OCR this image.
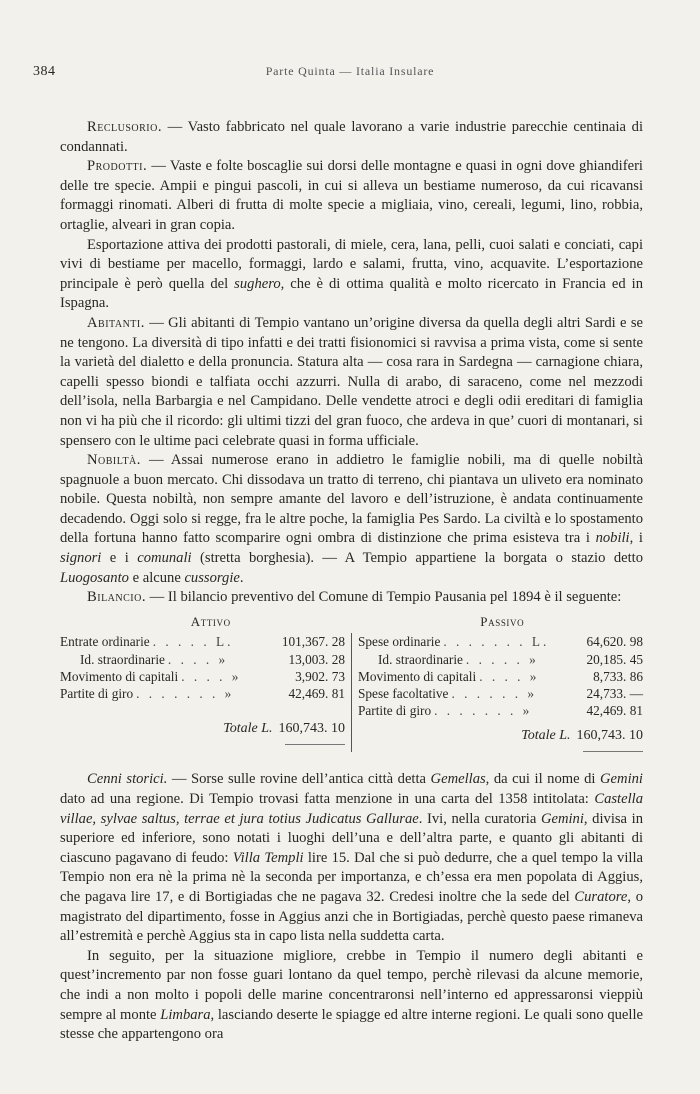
384	Parte Quinta — Italia Insulare

Reclusorio. — Vasto fabbricato nel quale lavorano a varie industrie parecchie centinaia di condannati.

Prodotti. — Vaste e folte boscaglie sui dorsi delle montagne e quasi in ogni dove ghiandiferi delle tre specie. Ampii e pingui pascoli, in cui si alleva un bestiame numeroso, da cui ricavansi formaggi rinomati. Alberi di frutta di molte specie a migliaia, vino, cereali, legumi, lino, robbia, ortaglie, alveari in gran copia.

Esportazione attiva dei prodotti pastorali, di miele, cera, lana, pelli, cuoi salati e conciati, capi vivi di bestiame per macello, formaggi, lardo e salami, frutta, vino, acquavite. L’esportazione principale è però quella del sughero, che è di ottima qualità e molto ricercato in Francia ed in Ispagna.

Abitanti. — Gli abitanti di Tempio vantano un’origine diversa da quella degli altri Sardi e se ne tengono. La diversità di tipo infatti e dei tratti fisionomici si ravvisa a prima vista, come si sente la varietà del dialetto e della pronuncia. Statura alta — cosa rara in Sardegna — carnagione chiara, capelli spesso biondi e talfiata occhi azzurri. Nulla di arabo, di saraceno, come nel mezzodi dell’isola, nella Barbargia e nel Campidano. Delle vendette atroci e degli odii ereditari di famiglia non vi ha più che il ricordo: gli ultimi tizzi del gran fuoco, che ardeva in que’ cuori di montanari, si spensero con le ultime paci celebrate quasi in forma ufficiale.

Nobiltà. — Assai numerose erano in addietro le famiglie nobili, ma di quelle nobiltà spagnuole a buon mercato. Chi dissodava un tratto di terreno, chi piantava un uliveto era nominato nobile. Questa nobiltà, non sempre amante del lavoro e dell’istruzione, è andata continuamente decadendo. Oggi solo si regge, fra le altre poche, la famiglia Pes Sardo. La civiltà e lo spostamento della fortuna hanno fatto scomparire ogni ombra di distinzione che prima esisteva tra i nobili, i signori e i comunali (stretta borghesia). — A Tempio appartiene la borgata o stazio detto Luogosanto e alcune cussorgie.

Bilancio. — Il bilancio preventivo del Comune di Tempio Pausania pel 1894 è il seguente:

Attivo	Passivo
Entrate ordinarie . . . . . L.	101,367. 28
Id. straordinarie . . . . »	13,003. 28
Movimento di capitali . . . . »	3,902. 73
Partite di giro . . . . . . . »	42,469. 81
Totale L. 160,743. 10
Spese ordinarie . . . . . . . L.	64,620. 98
Id. straordinarie . . . . . »	20,185. 45
Movimento di capitali . . . . »	8,733. 86
Spese facoltative . . . . . . »	24,733. —
Partite di giro . . . . . . . »	42,469. 81
Totale L. 160,743. 10

Cenni storici. — Sorse sulle rovine dell’antica città detta Gemellas, da cui il nome di Gemini dato ad una regione. Di Tempio trovasi fatta menzione in una carta del 1358 intitolata: Castella villae, sylvae saltus, terrae et jura totius Judicatus Gallurae. Ivi, nella curatoria Gemini, divisa in superiore ed inferiore, sono notati i luoghi dell’una e dell’altra parte, e quanto gli abitanti di ciascuno pagavano di feudo: Villa Templi lire 15. Dal che si può dedurre, che a quel tempo la villa Tempio non era nè la prima nè la seconda per importanza, e ch’essa era men popolata di Aggius, che pagava lire 17, e di Bortigiadas che ne pagava 32. Credesi inoltre che la sede del Curatore, o magistrato del dipartimento, fosse in Aggius anzi che in Bortigiadas, perchè questo paese rimaneva all’estremità e perchè Aggius sta in capo lista nella suddetta carta.

In seguito, per la situazione migliore, crebbe in Tempio il numero degli abitanti e quest’incremento par non fosse guari lontano da quel tempo, perchè rilevasi da alcune memorie, che indi a non molto i popoli delle marine concentraronsi nell’interno ed appressaronsi vieppiù sempre al monte Limbara, lasciando deserte le spiagge ed altre interne regioni. Le quali sono quelle stesse che appartengono ora
